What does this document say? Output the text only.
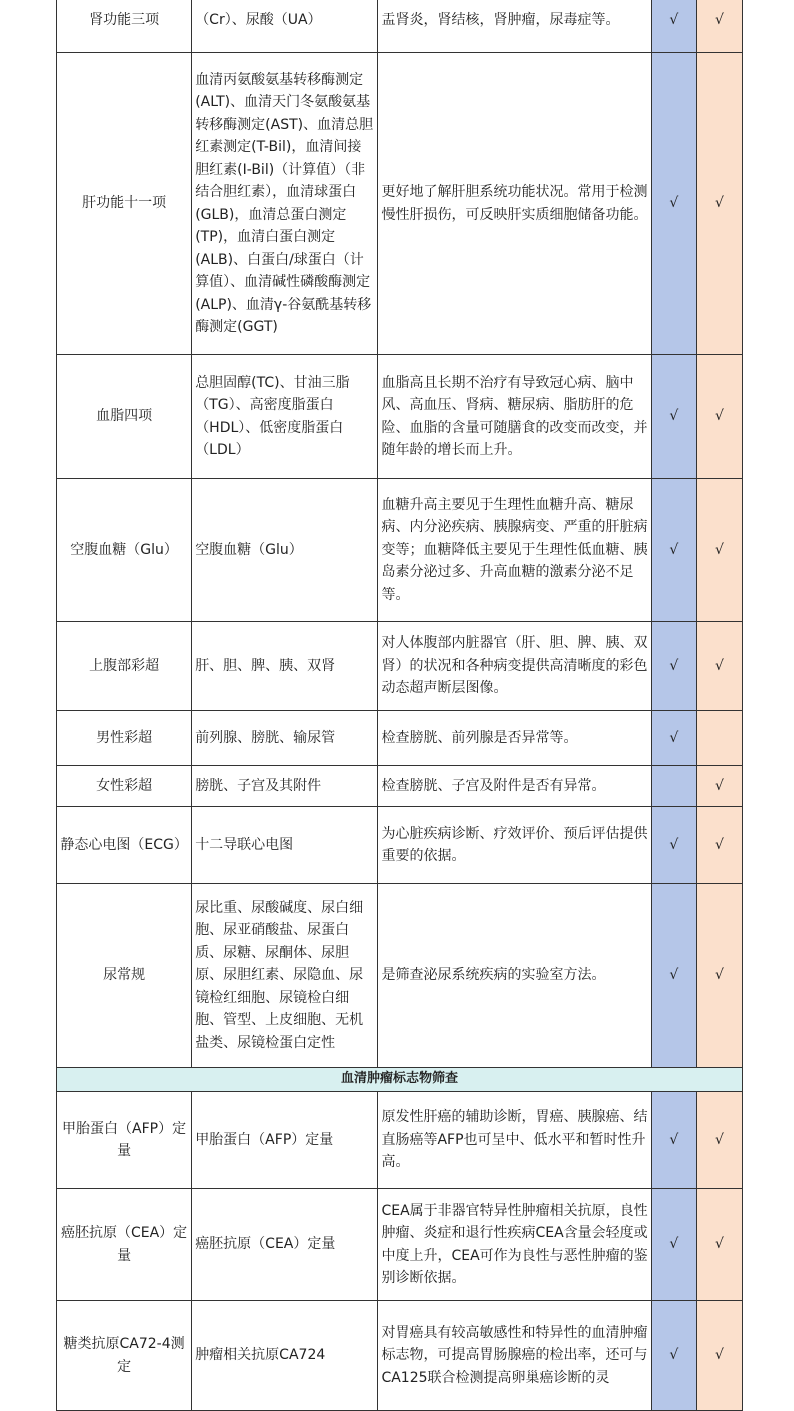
肾功能三项	（Cr）、尿酸（UA）	盂肾炎，肾结核，肾肿瘤，尿毒症等。	√	√
肝功能十一项	血清丙氨酸氨基转移酶测定(ALT)、血清天门冬氨酸氨基转移酶测定(AST)、血清总胆红素测定(T-Bil)，血清间接胆红素(I-Bil)（计算值）（非结合胆红素），血清球蛋白(GLB)，血清总蛋白测定(TP)，血清白蛋白测定(ALB)、白蛋白/球蛋白（计算值）、血清碱性磷酸酶测定(ALP)、血清γ-谷氨酰基转移酶测定(GGT)	更好地了解肝胆系统功能状况。常用于检测慢性肝损伤，可反映肝实质细胞储备功能。	√	√
血脂四项	总胆固醇(TC)、甘油三脂（TG）、高密度脂蛋白（HDL）、低密度脂蛋白（LDL）	血脂高且长期不治疗有导致冠心病、脑中风、高血压、肾病、糖尿病、脂肪肝的危险、血脂的含量可随膳食的改变而改变，并随年龄的增长而上升。	√	√
空腹血糖（Glu）	空腹血糖（Glu）	血糖升高主要见于生理性血糖升高、糖尿病、内分泌疾病、胰腺病变、严重的肝脏病变等；血糖降低主要见于生理性低血糖、胰岛素分泌过多、升高血糖的激素分泌不足等。	√	√
上腹部彩超	肝、胆、脾、胰、双肾	对人体腹部内脏器官（肝、胆、脾、胰、双肾）的状况和各种病变提供高清晰度的彩色动态超声断层图像。	√	√
男性彩超	前列腺、膀胱、输尿管	检查膀胱、前列腺是否异常等。	√	
女性彩超	膀胱、子宫及其附件	检查膀胱、子宫及附件是否有异常。		√
静态心电图（ECG）	十二导联心电图	为心脏疾病诊断、疗效评价、预后评估提供重要的依据。	√	√
尿常规	尿比重、尿酸碱度、尿白细胞、尿亚硝酸盐、尿蛋白质、尿糖、尿酮体、尿胆原、尿胆红素、尿隐血、尿镜检红细胞、尿镜检白细胞、管型、上皮细胞、无机盐类、尿镜检蛋白定性	是筛查泌尿系统疾病的实验室方法。	√	√
血清肿瘤标志物筛查				
甲胎蛋白（AFP）定量	甲胎蛋白（AFP）定量	原发性肝癌的辅助诊断，胃癌、胰腺癌、结直肠癌等AFP也可呈中、低水平和暂时性升高。	√	√
癌胚抗原（CEA）定量	癌胚抗原（CEA）定量	CEA属于非器官特异性肿瘤相关抗原，良性肿瘤、炎症和退行性疾病CEA含量会轻度或中度上升，CEA可作为良性与恶性肿瘤的鉴别诊断依据。	√	√
糖类抗原CA72-4测定	肿瘤相关抗原CA724	对胃癌具有较高敏感性和特异性的血清肿瘤标志物，可提高胃肠腺癌的检出率，还可与CA125联合检测提高卵巢癌诊断的灵	√	√
